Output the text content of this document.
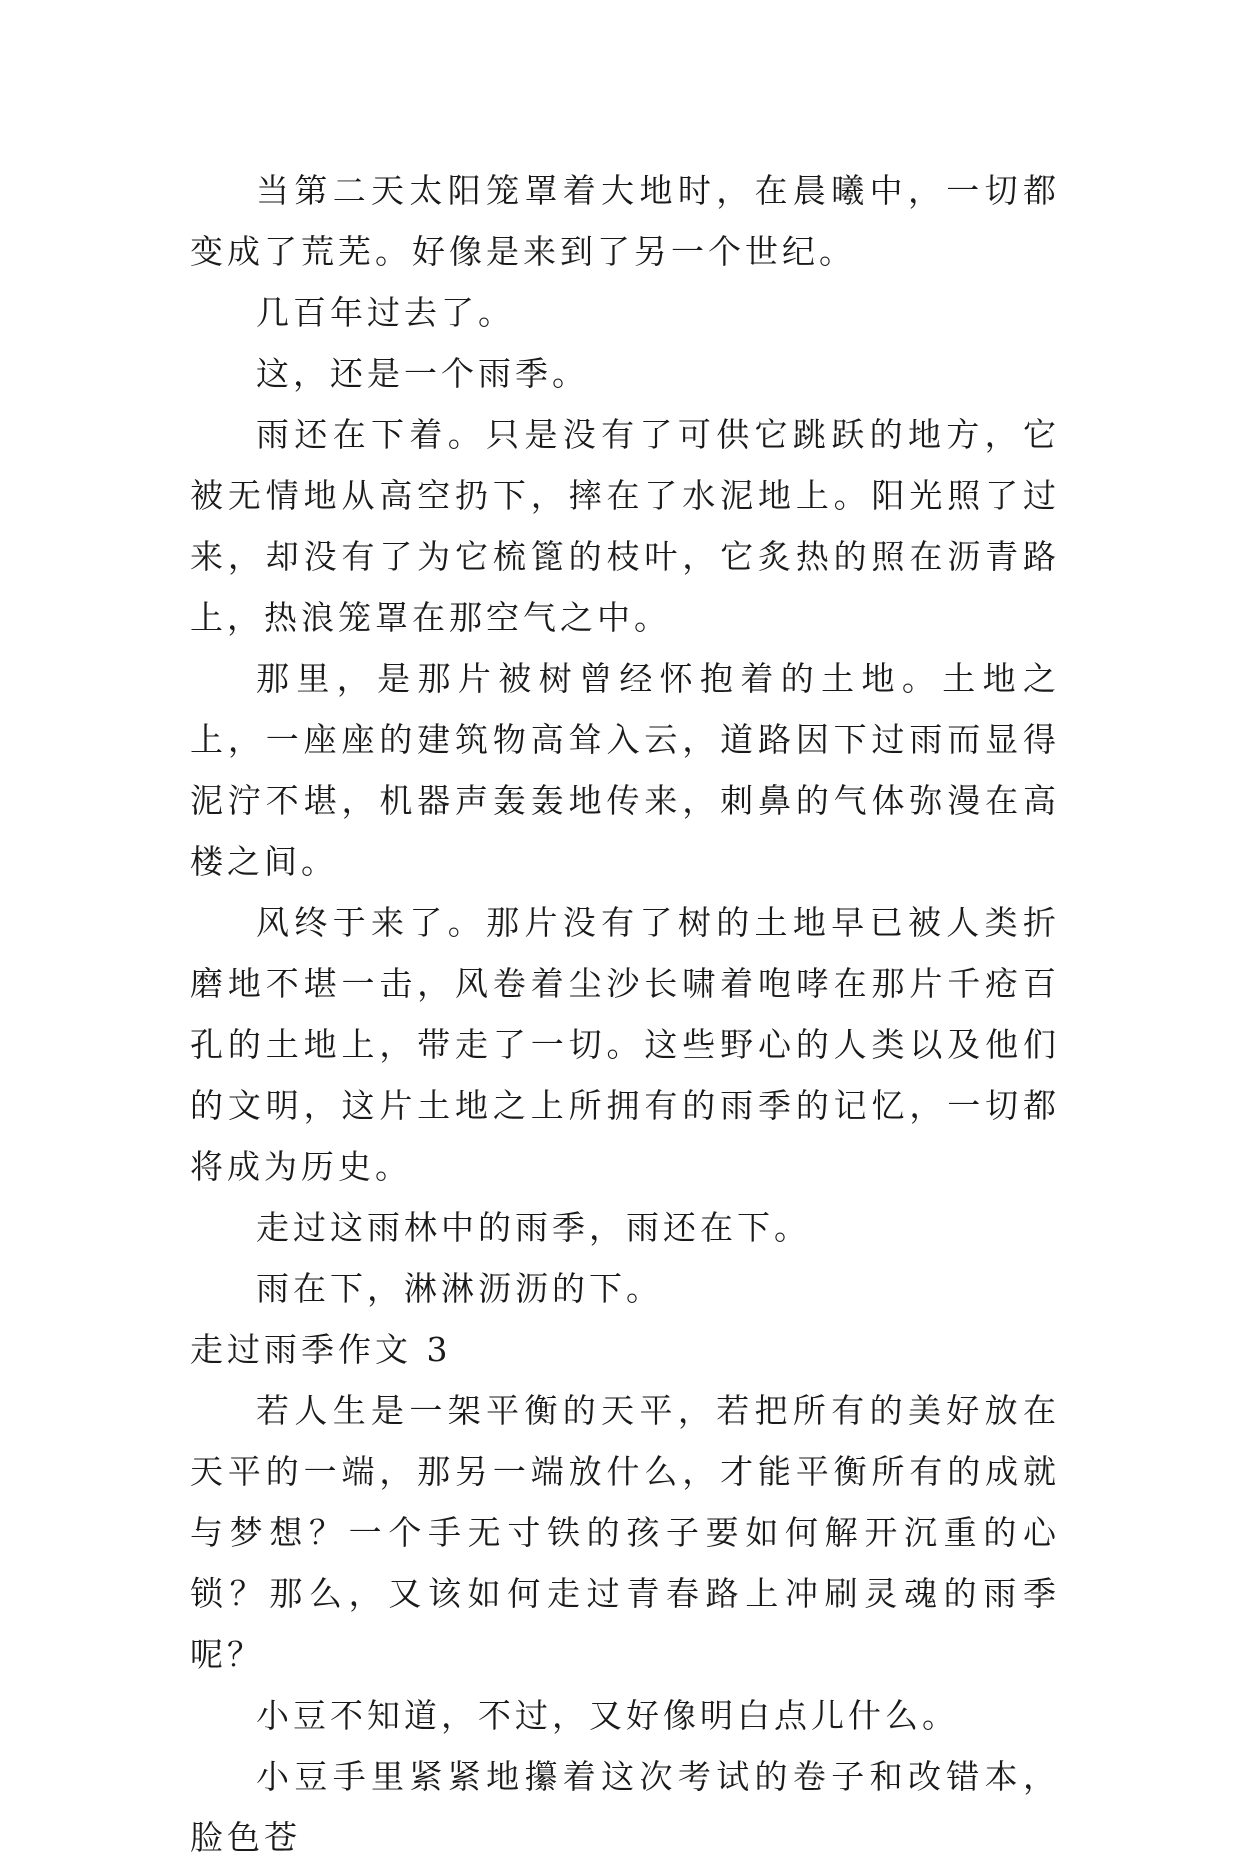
当第二天太阳笼罩着大地时，在晨曦中，一切都变成了荒芜。好像是来到了另一个世纪。

几百年过去了。

这，还是一个雨季。

雨还在下着。只是没有了可供它跳跃的地方，它被无情地从高空扔下，摔在了水泥地上。阳光照了过来，却没有了为它梳篦的枝叶，它炙热的照在沥青路上，热浪笼罩在那空气之中。

那里，是那片被树曾经怀抱着的土地。土地之上，一座座的建筑物高耸入云，道路因下过雨而显得泥泞不堪，机器声轰轰地传来，刺鼻的气体弥漫在高楼之间。

风终于来了。那片没有了树的土地早已被人类折磨地不堪一击，风卷着尘沙长啸着咆哮在那片千疮百孔的土地上，带走了一切。这些野心的人类以及他们的文明，这片土地之上所拥有的雨季的记忆，一切都将成为历史。

走过这雨林中的雨季，雨还在下。

雨在下，淋淋沥沥的下。

走过雨季作文 3

若人生是一架平衡的天平，若把所有的美好放在天平的一端，那另一端放什么，才能平衡所有的成就与梦想？一个手无寸铁的孩子要如何解开沉重的心锁？那么，又该如何走过青春路上冲刷灵魂的雨季呢？

小豆不知道，不过，又好像明白点儿什么。

小豆手里紧紧地攥着这次考试的卷子和改错本，脸色苍
